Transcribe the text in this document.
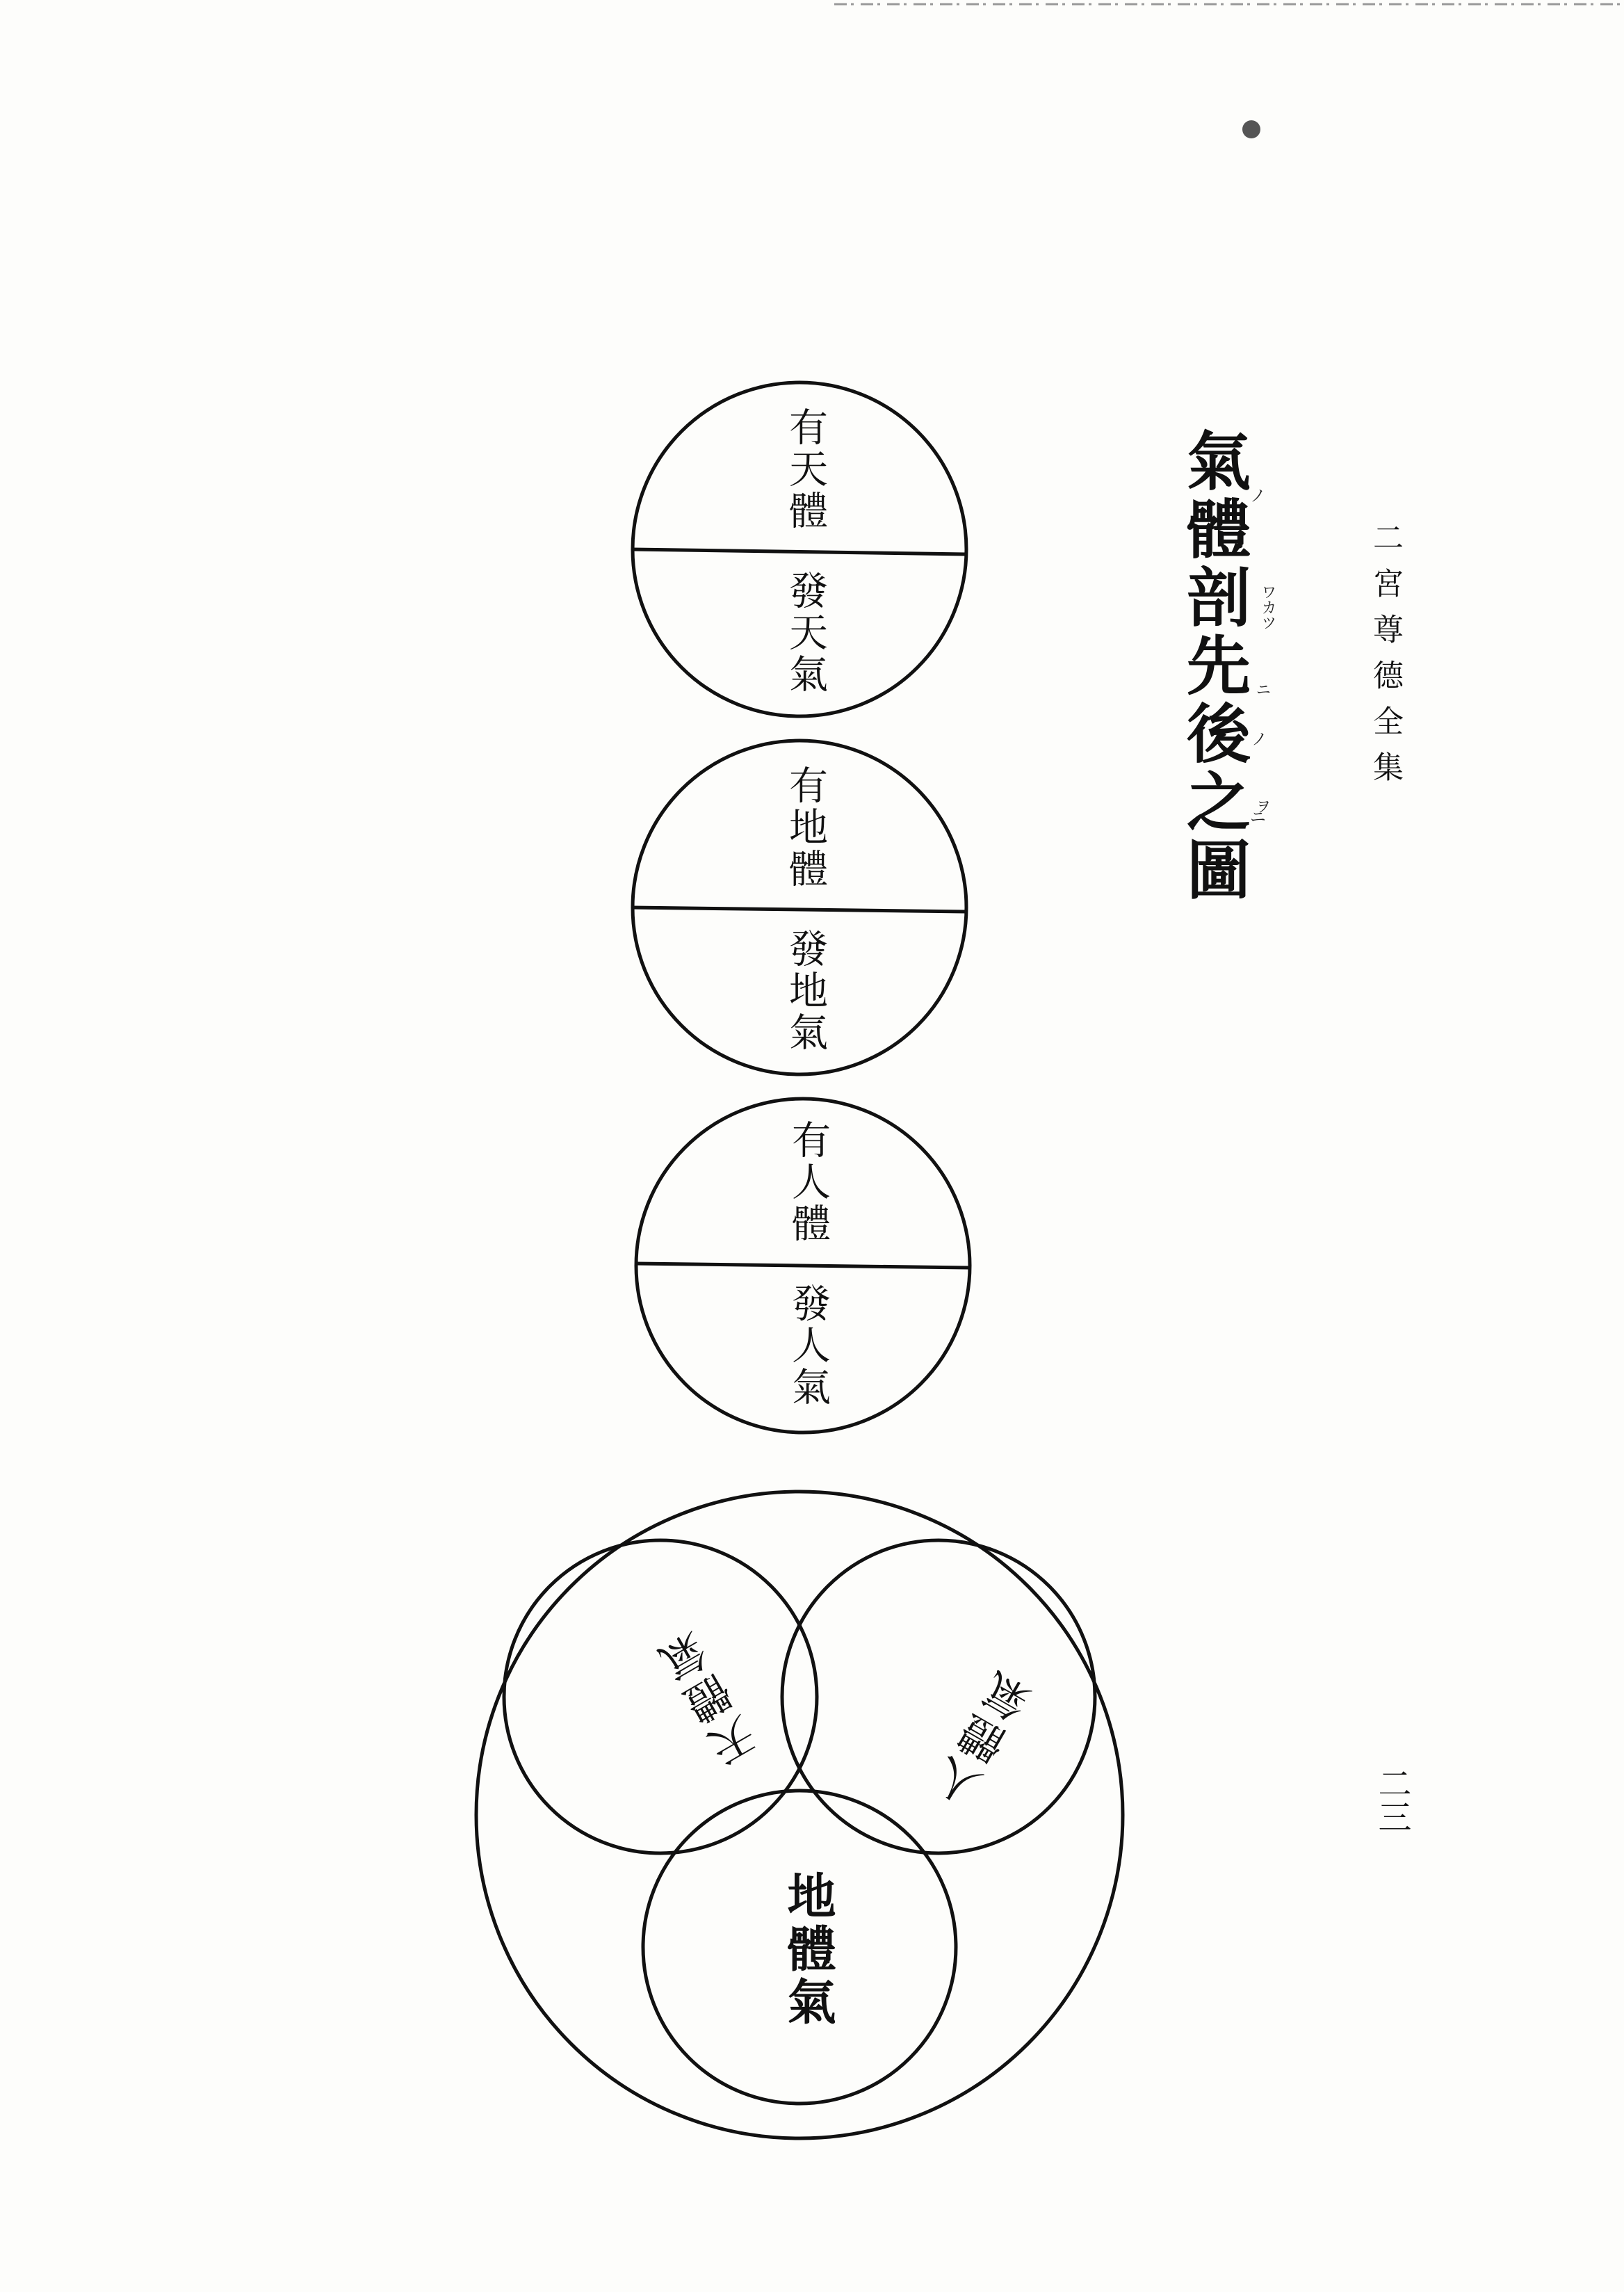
二宮尊德全集
二三
氣體剖先後之圖 ワカツ
ニ
ヲ
ノ
ノ
ニ
有天體
發天氣
有地體
發地氣
有人體
發人氣
天體氣	人體氣
地體氣
